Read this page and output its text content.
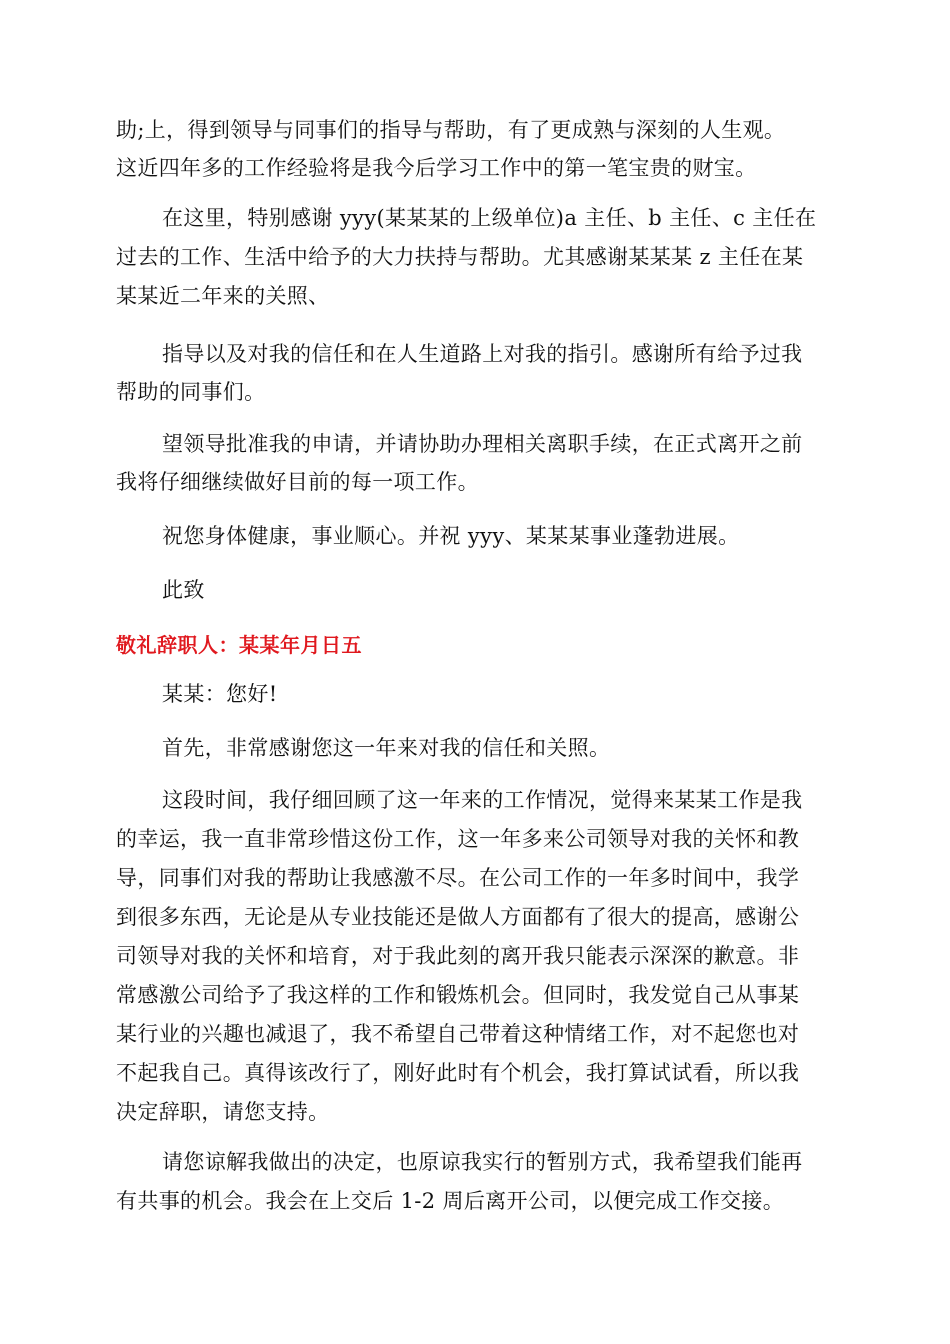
助;上，得到领导与同事们的指导与帮助，有了更成熟与深刻的人生观。
这近四年多的工作经验将是我今后学习工作中的第一笔宝贵的财宝。
在这里，特别感谢 yyy(某某某的上级单位)a 主任、b 主任、c 主任在
过去的工作、生活中给予的大力扶持与帮助。尤其感谢某某某 z 主任在某
某某近二年来的关照、
指导以及对我的信任和在人生道路上对我的指引。感谢所有给予过我
帮助的同事们。
望领导批准我的申请，并请协助办理相关离职手续，在正式离开之前
我将仔细继续做好目前的每一项工作。
祝您身体健康，事业顺心。并祝 yyy、某某某事业蓬勃进展。
此致
敬礼辞职人：某某年月日五
某某：您好!
首先，非常感谢您这一年来对我的信任和关照。
这段时间，我仔细回顾了这一年来的工作情况，觉得来某某工作是我
的幸运，我一直非常珍惜这份工作，这一年多来公司领导对我的关怀和教
导，同事们对我的帮助让我感激不尽。在公司工作的一年多时间中，我学
到很多东西，无论是从专业技能还是做人方面都有了很大的提高，感谢公
司领导对我的关怀和培育，对于我此刻的离开我只能表示深深的歉意。非
常感激公司给予了我这样的工作和锻炼机会。但同时，我发觉自己从事某
某行业的兴趣也减退了，我不希望自己带着这种情绪工作，对不起您也对
不起我自己。真得该改行了，刚好此时有个机会，我打算试试看，所以我
决定辞职，请您支持。
请您谅解我做出的决定，也原谅我实行的暂别方式，我希望我们能再
有共事的机会。我会在上交后 1-2 周后离开公司，以便完成工作交接。
